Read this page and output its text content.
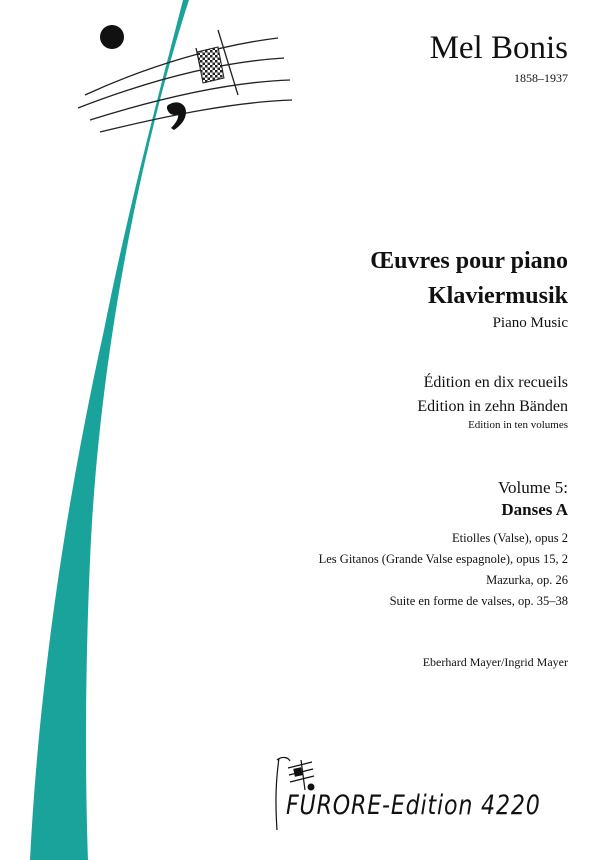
Mel Bonis
1858–1937
Œuvres pour piano
Klaviermusik
Piano Music
Édition en dix recueils
Edition in zehn Bänden
Edition in ten volumes
Volume 5:
Danses A
Etiolles (Valse), opus 2
Les Gitanos (Grande Valse espagnole), opus 15, 2
Mazurka, op. 26
Suite en forme de valses, op. 35–38
Eberhard Mayer/Ingrid Mayer
FURORE-Edition 4220
